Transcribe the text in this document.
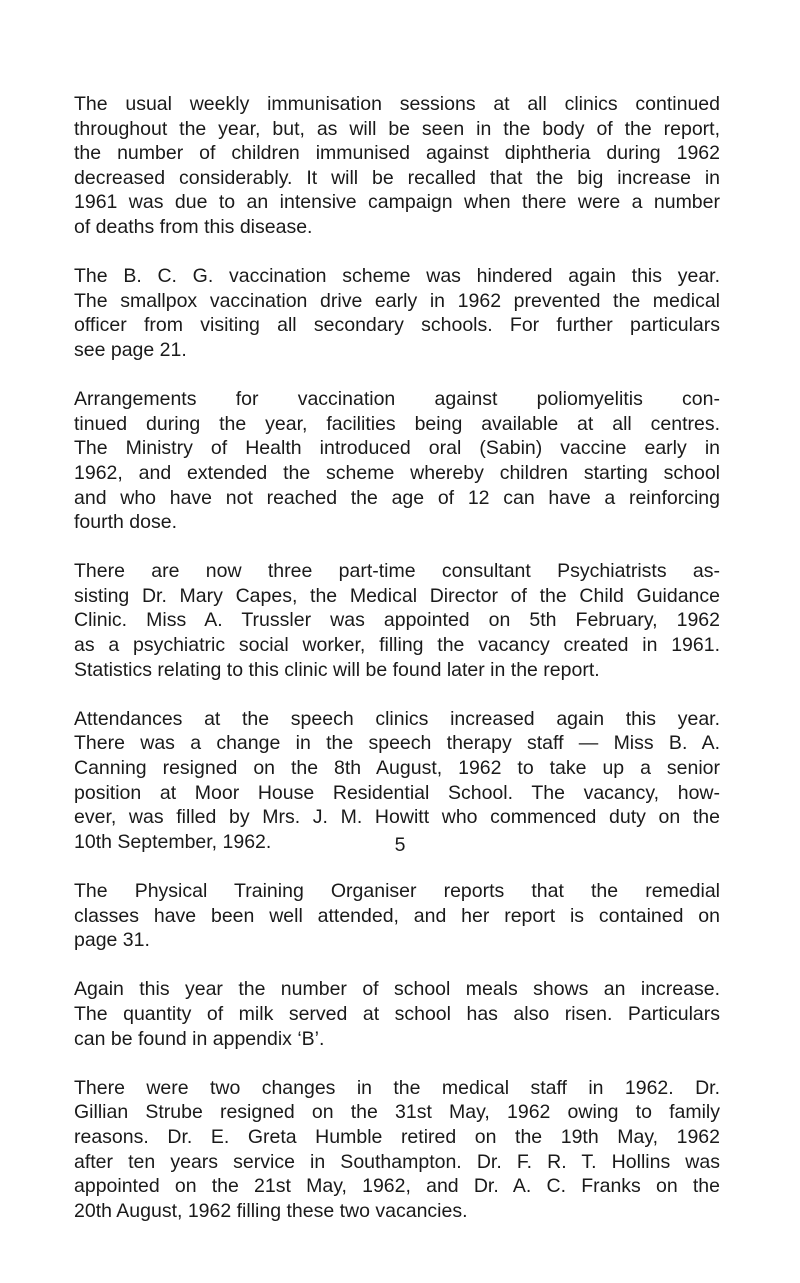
The usual weekly immunisation sessions at all clinics continued
throughout the year, but, as will be seen in the body of the report,
the number of children immunised against diphtheria during 1962
decreased considerably. It will be recalled that the big increase in
1961 was due to an intensive campaign when there were a number
of deaths from this disease.

The B. C. G. vaccination scheme was hindered again this year.
The smallpox vaccination drive early in 1962 prevented the medical
officer from visiting all secondary schools. For further particulars
see page 21.

Arrangements for vaccination against poliomyelitis con-
tinued during the year, facilities being available at all centres.
The Ministry of Health introduced oral (Sabin) vaccine early in
1962, and extended the scheme whereby children starting school
and who have not reached the age of 12 can have a reinforcing
fourth dose.

There are now three part-time consultant Psychiatrists as-
sisting Dr. Mary Capes, the Medical Director of the Child Guidance
Clinic. Miss A. Trussler was appointed on 5th February, 1962
as a psychiatric social worker, filling the vacancy created in 1961.
Statistics relating to this clinic will be found later in the report.

Attendances at the speech clinics increased again this year.
There was a change in the speech therapy staff — Miss B. A.
Canning resigned on the 8th August, 1962 to take up a senior
position at Moor House Residential School. The vacancy, how-
ever, was filled by Mrs. J. M. Howitt who commenced duty on the
10th September, 1962.

The Physical Training Organiser reports that the remedial
classes have been well attended, and her report is contained on
page 31.

Again this year the number of school meals shows an increase.
The quantity of milk served at school has also risen. Particulars
can be found in appendix ‘B’.

There were two changes in the medical staff in 1962. Dr.
Gillian Strube resigned on the 31st May, 1962 owing to family
reasons. Dr. E. Greta Humble retired on the 19th May, 1962
after ten years service in Southampton. Dr. F. R. T. Hollins was
appointed on the 21st May, 1962, and Dr. A. C. Franks on the
20th August, 1962 filling these two vacancies.

5
